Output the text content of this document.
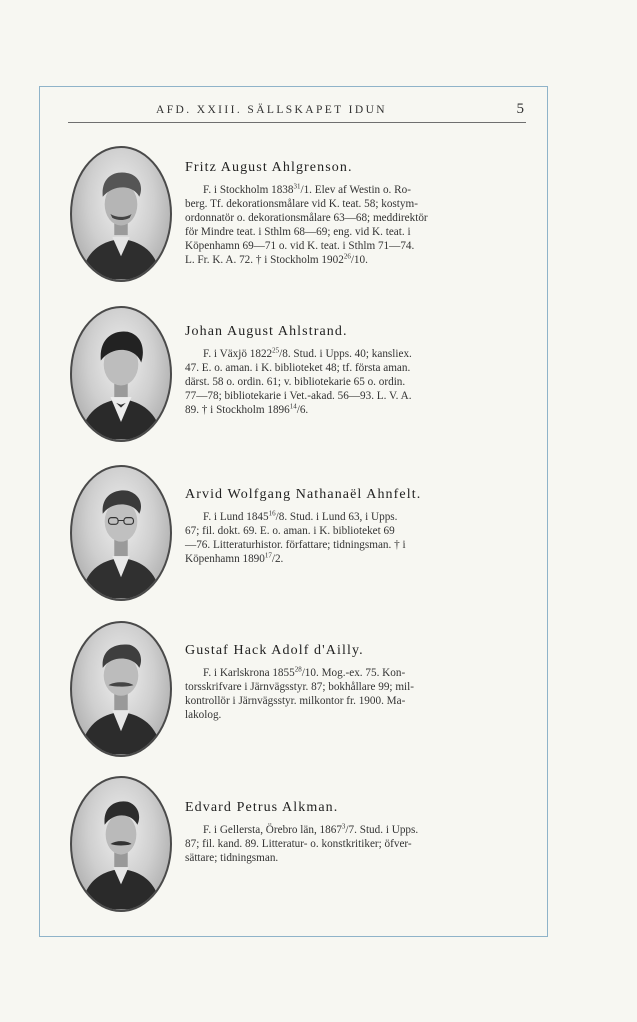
AFD. XXIII. SÄLLSKAPET IDUN	5
Fritz August Ahlgrenson.
F. i Stockholm 1838$^{31}$/1. Elev af Westin o. Ro-
berg. Tf. dekorationsmålare vid K. teat. 58; kostym-
ordonnatör o. dekorationsmålare 63—68; meddirektör
för Mindre teat. i Sthlm 68—69; eng. vid K. teat. i
Köpenhamn 69—71 o. vid K. teat. i Sthlm 71—74.
L. Fr. K. A. 72. † i Stockholm 1902$^{26}$/10.
Johan August Ahlstrand.
F. i Växjö 1822$^{25}$/8. Stud. i Upps. 40; kansliex.
47. E. o. aman. i K. biblioteket 48; tf. första aman.
därst. 58 o. ordin. 61; v. bibliotekarie 65 o. ordin.
77—78; bibliotekarie i Vet.-akad. 56—93. L. V. A.
89. † i Stockholm 1896$^{14}$/6.
Arvid Wolfgang Nathanaël Ahnfelt.
F. i Lund 1845$^{16}$/8. Stud. i Lund 63, i Upps.
67; fil. dokt. 69. E. o. aman. i K. biblioteket 69
—76. Litteraturhistor. författare; tidningsman. † i
Köpenhamn 1890$^{17}$/2.
Gustaf Hack Adolf d'Ailly.
F. i Karlskrona 1855$^{28}$/10. Mog.-ex. 75. Kon-
torsskrifvare i Järnvägsstyr. 87; bokhållare 99; mil-
kontrollör i Järnvägsstyr. milkontor fr. 1900. Ma-
lakolog.
Edvard Petrus Alkman.
F. i Gellersta, Örebro län, 1867$^3$/7. Stud. i Upps.
87; fil. kand. 89. Litteratur- o. konstkritiker; öfver-
sättare; tidningsman.
